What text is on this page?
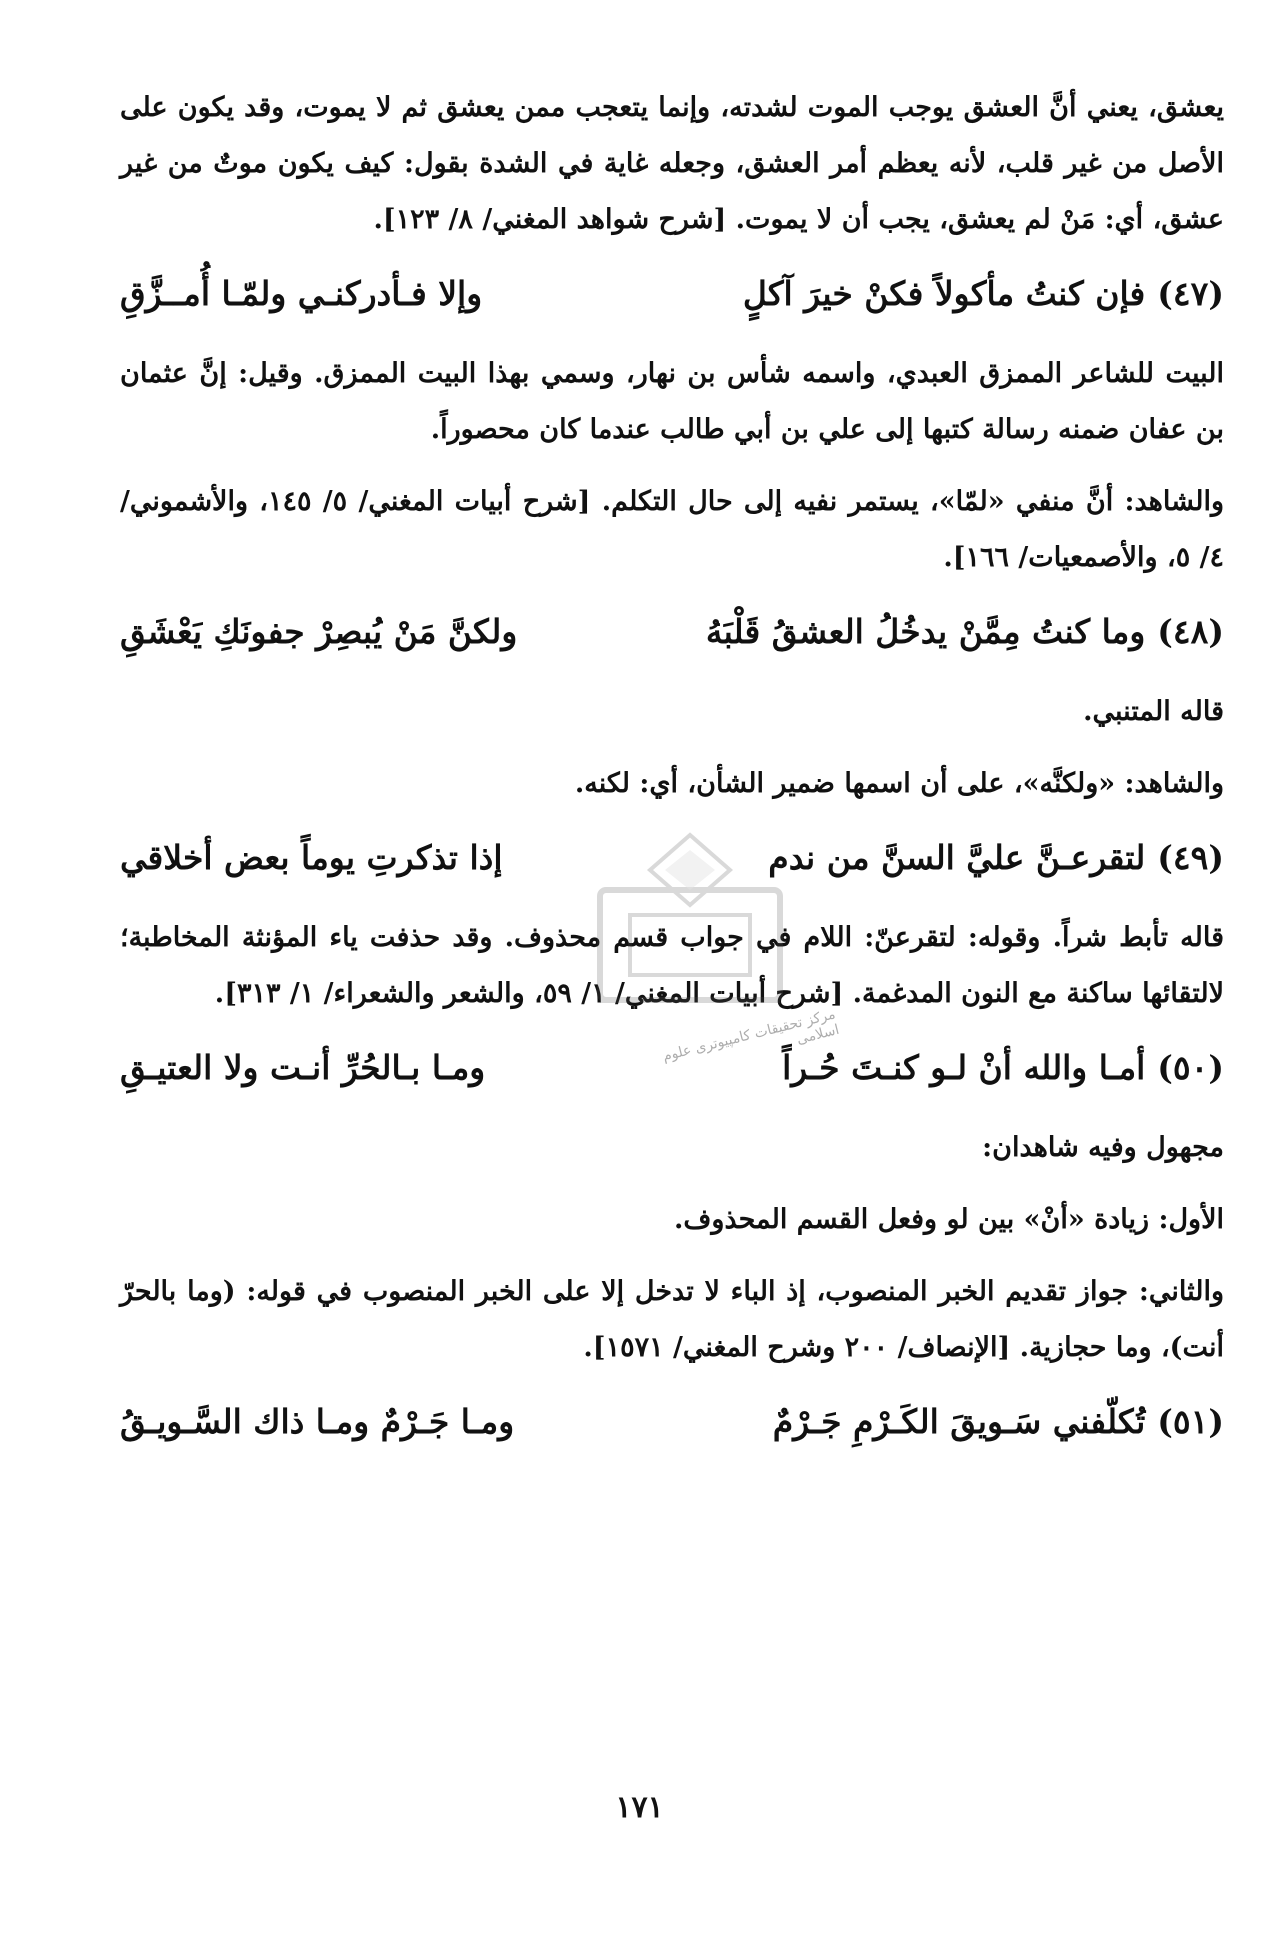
يعشق، يعني أنَّ العشق يوجب الموت لشدته، وإنما يتعجب ممن يعشق ثم لا يموت، وقد يكون على الأصل من غير قلب، لأنه يعظم أمر العشق، وجعله غاية في الشدة بقول: كيف يكون موتٌ من غير عشق، أي: مَنْ لم يعشق، يجب أن لا يموت. [شرح شواهد المغني/ ٨/ ١٢٣].

(٤٧)
فإن كنتُ مأكولاً فكنْ خيرَ آكلٍ
وإلا فـأدركنـي ولمّـا أُمــزَّقِ

البيت للشاعر الممزق العبدي، واسمه شأس بن نهار، وسمي بهذا البيت الممزق. وقيل: إنَّ عثمان بن عفان ضمنه رسالة كتبها إلى علي بن أبي طالب عندما كان محصوراً.

والشاهد: أنَّ منفي «لمّا»، يستمر نفيه إلى حال التكلم. [شرح أبيات المغني/ ٥/ ١٤٥، والأشموني/ ٤/ ٥، والأصمعيات/ ١٦٦].

(٤٨)
وما كنتُ مِمَّنْ يدخُلُ العشقُ قَلْبَهُ
ولكنَّ مَنْ يُبصِرْ جفونَكِ يَعْشَقِ

قاله المتنبي.

والشاهد: «ولكنَّه»، على أن اسمها ضمير الشأن، أي: لكنه.

(٤٩)
لتقرعـنَّ عليَّ السنَّ من ندم
إذا تذكرتِ يوماً بعض أخلاقي

قاله تأبط شراً. وقوله: لتقرعنّ: اللام في جواب قسم محذوف. وقد حذفت ياء المؤنثة المخاطبة؛ لالتقائها ساكنة مع النون المدغمة. [شرح أبيات المغني/ ١/ ٥٩، والشعر والشعراء/ ١/ ٣١٣].

(٥٠)
أمـا والله أنْ لـو كنـتَ حُـراً
ومـا بـالحُرِّ أنـت ولا العتيـقِ

مجهول وفيه شاهدان:

الأول: زيادة «أنْ» بين لو وفعل القسم المحذوف.

والثاني: جواز تقديم الخبر المنصوب، إذ الباء لا تدخل إلا على الخبر المنصوب في قوله: (وما بالحرّ أنت)، وما حجازية. [الإنصاف/ ٢٠٠ وشرح المغني/ ١٥٧١].

(٥١)
تُكلّفني سَـويقَ الكَـرْمِ جَـرْمٌ
ومـا جَـرْمٌ ومـا ذاك السَّـويـقُ
مركز تحقيقات كامپيوتری علوم اسلامی
١٧١
